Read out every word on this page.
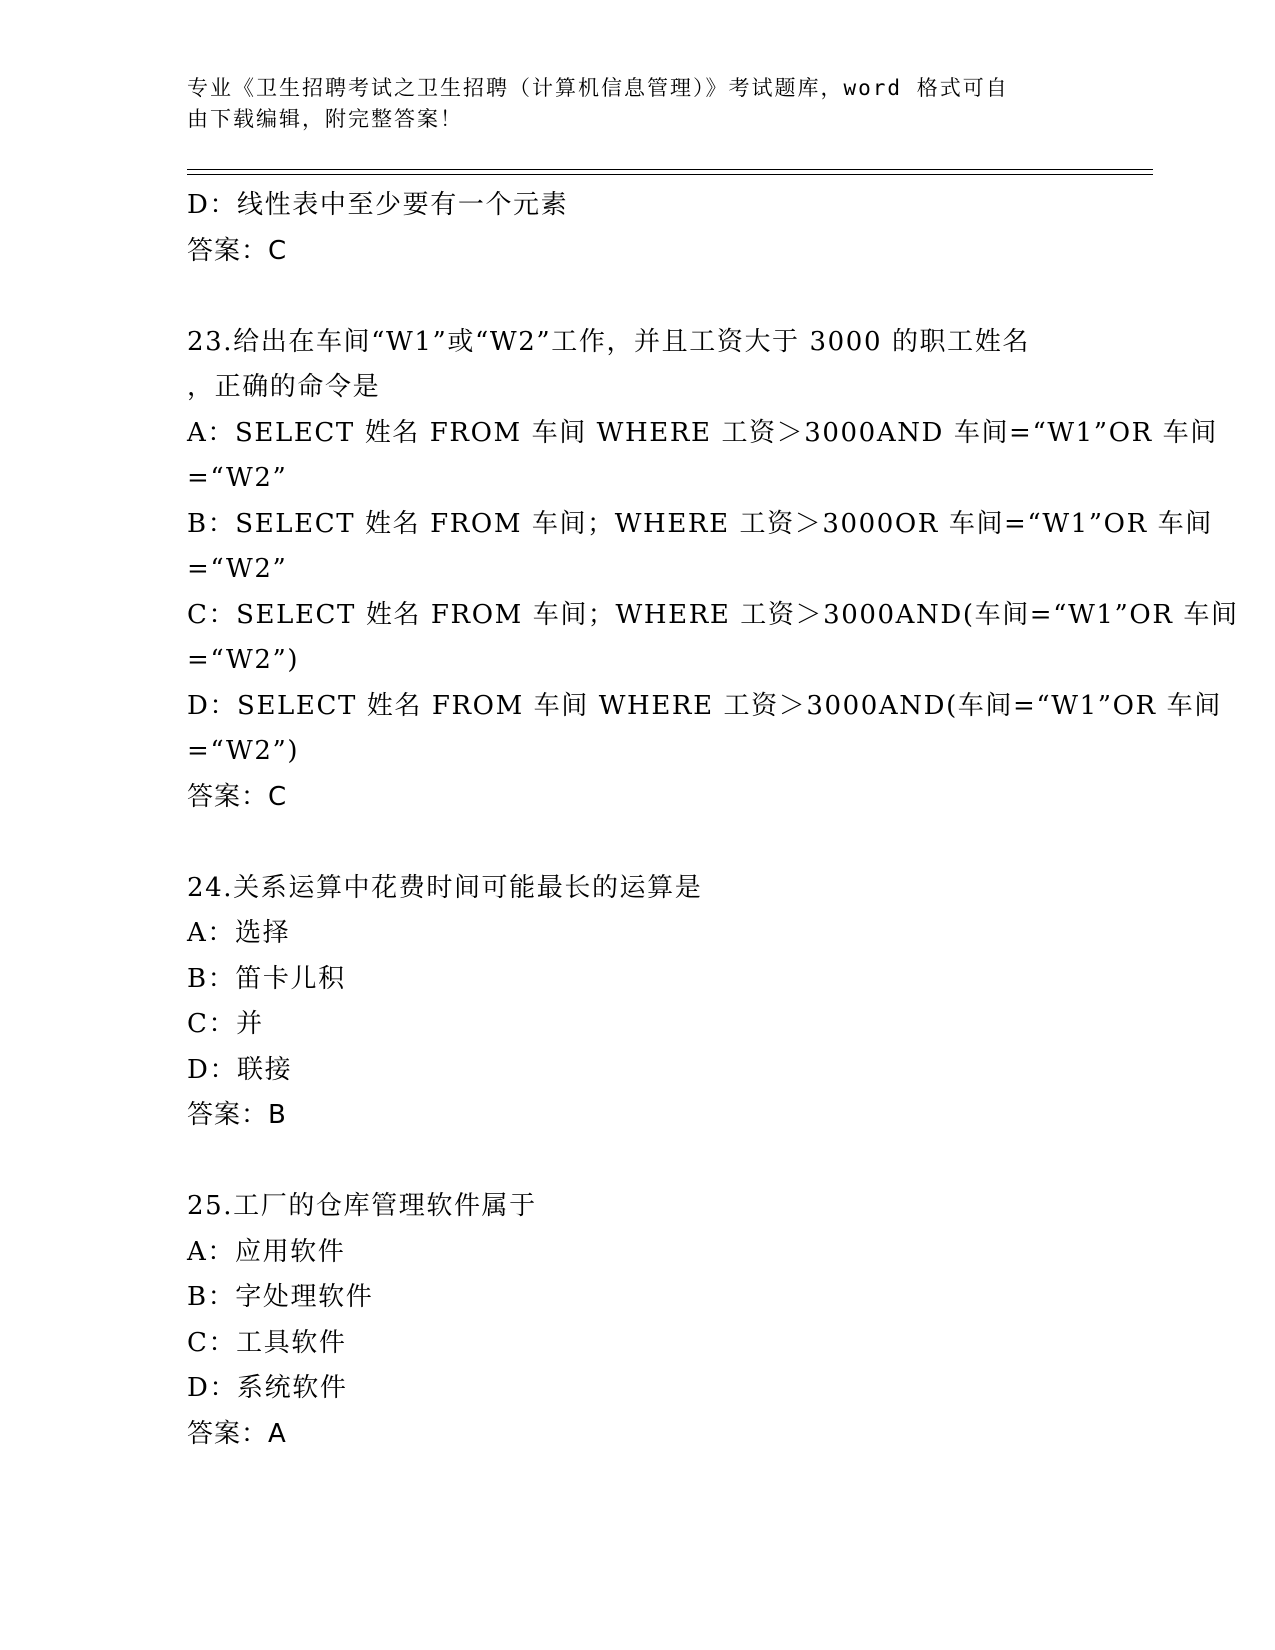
专业《卫生招聘考试之卫生招聘（计算机信息管理）》考试题库，word 格式可自
由下载编辑，附完整答案！
D：线性表中至少要有一个元素
答案：C
23.给出在车间“W1”或“W2”工作，并且工资大于 3000 的职工姓名
，正确的命令是
A：SELECT 姓名 FROM 车间 WHERE 工资＞3000AND 车间=“W1”OR 车间
=“W2”
B：SELECT 姓名 FROM 车间；WHERE 工资＞3000OR 车间=“W1”OR 车间
=“W2”
C：SELECT 姓名 FROM 车间；WHERE 工资＞3000AND(车间=“W1”OR 车间
=“W2”)
D：SELECT 姓名 FROM 车间 WHERE 工资＞3000AND(车间=“W1”OR 车间
=“W2”)
答案：C
24.关系运算中花费时间可能最长的运算是
A：选择
B：笛卡儿积
C：并
D：联接
答案：B
25.工厂的仓库管理软件属于
A：应用软件
B：字处理软件
C：工具软件
D：系统软件
答案：A
